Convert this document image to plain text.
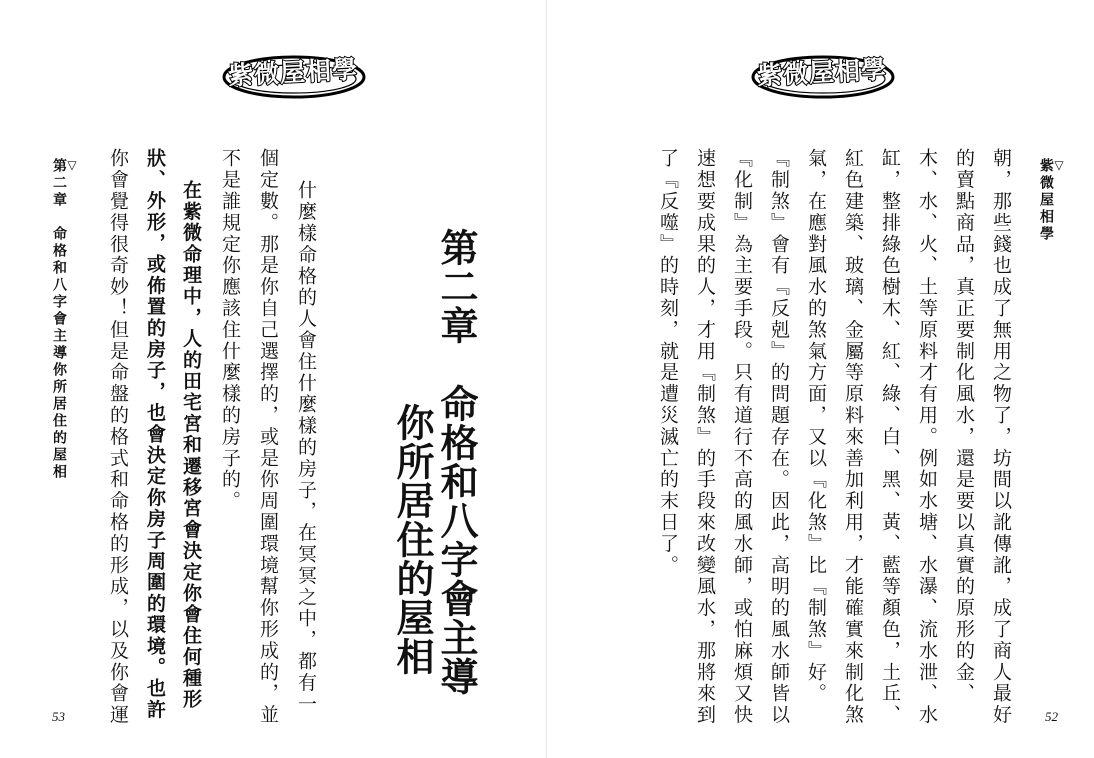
紫微屋相學
▽
第二章　命格和八字會主導你所居住的屋相	什麼樣命格的人會住什麼樣的房子，在冥冥之中，都有一
個定數。那是你自己選擇的，或是你周圍環境幫你形成的，並
不是誰規定你應該住什麼樣的房子的。
在紫微命理中，人的田宅宮和遷移宮會決定你會住何種形
狀、外形，或佈置的房子，也會決定你房子周圍的環境。也許
你會覺得很奇妙！但是命盤的格式和命格的形成，以及你會運	第二章　命格和八字會主導
你所居住的屋相
53
紫微屋相學
▽
紫微屋相學
朝，那些錢也成了無用之物了，坊間以訛傳訛，成了商人最好
的賣點商品，真正要制化風水，還是要以真實的原形的金、
木、水、火、土等原料才有用。例如水塘、水瀑、流水泄、水
缸，整排綠色樹木、紅、綠、白、黑、黃、藍等顏色，土丘、
紅色建築、玻璃、金屬等原料來善加利用，才能確實來制化煞
氣，在應對風水的煞氣方面，又以『化煞』比『制煞』好。
『制煞』會有『反剋』的問題存在。因此，高明的風水師皆以
『化制』為主要手段。只有道行不高的風水師，或怕麻煩又快
速想要成果的人，才用『制煞』的手段來改變風水，那將來到
了『反噬』的時刻，就是遭災滅亡的末日了。
52
